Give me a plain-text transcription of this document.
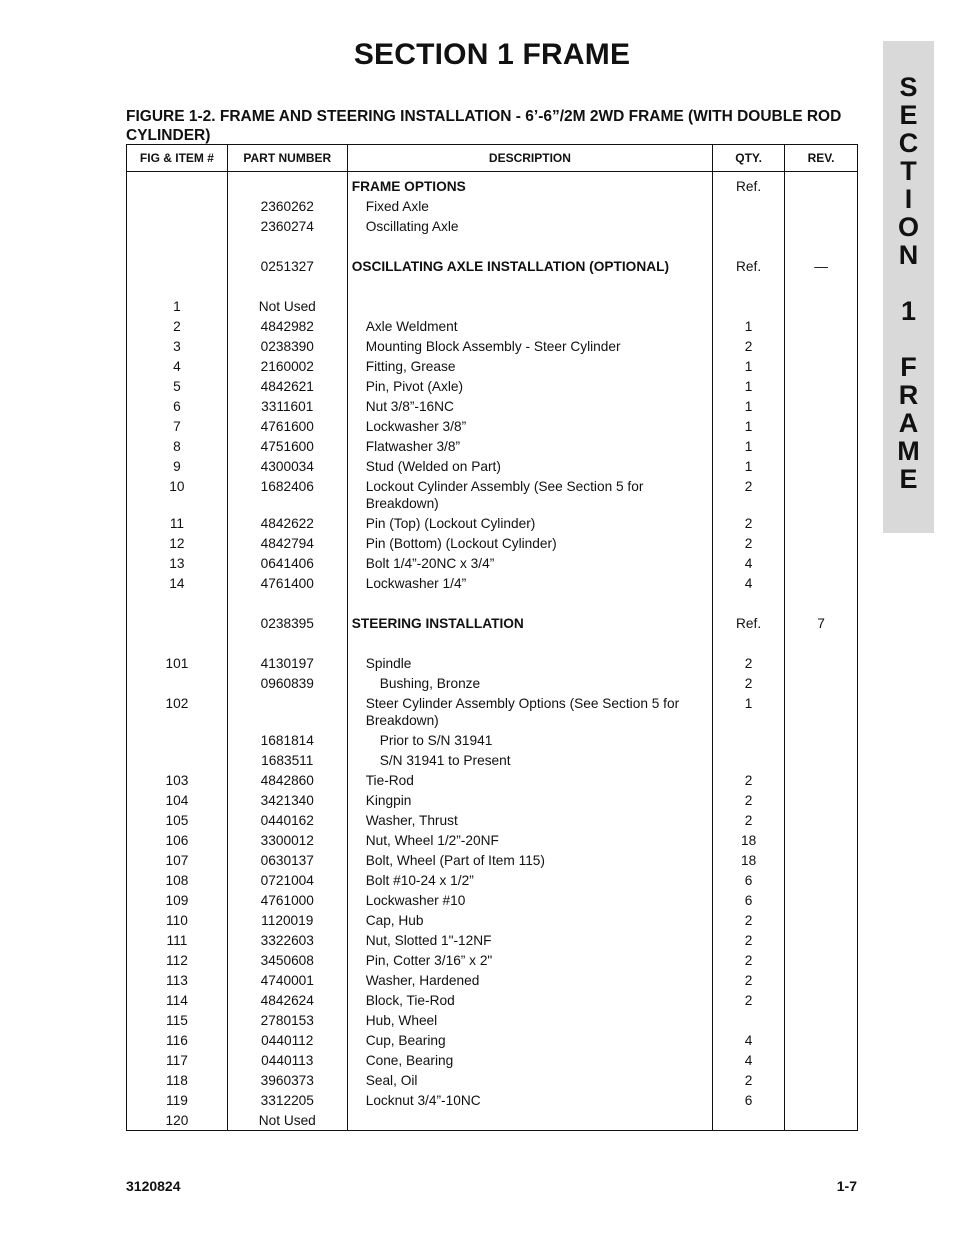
SECTION 1 FRAME
S
E
C
T
I
O
N
1
F
R
A
M
E
FIGURE 1-2. FRAME AND STEERING INSTALLATION - 6’-6”/2M 2WD FRAME (WITH DOUBLE ROD CYLINDER)
FIG & ITEM #	PART NUMBER	DESCRIPTION	QTY.	REV.

		FRAME OPTIONS	Ref.	

	2360262	Fixed Axle		

	2360274	Oscillating Axle		

	0251327	OSCILLATING AXLE INSTALLATION (OPTIONAL)	Ref.	—

1	Not Used			

2	4842982	Axle Weldment	1	

3	0238390	Mounting Block Assembly - Steer Cylinder	2	

4	2160002	Fitting, Grease	1	

5	4842621	Pin, Pivot (Axle)	1	

6	3311601	Nut 3/8”-16NC	1	

7	4761600	Lockwasher 3/8”	1	

8	4751600	Flatwasher 3/8”	1	

9	4300034	Stud (Welded on Part)	1	

10	1682406	Lockout Cylinder Assembly (See Section 5 for Breakdown)	2	

11	4842622	Pin (Top) (Lockout Cylinder)	2	

12	4842794	Pin (Bottom) (Lockout Cylinder)	2	

13	0641406	Bolt 1/4”-20NC x 3/4”	4	

14	4761400	Lockwasher 1/4”	4	

	0238395	STEERING INSTALLATION	Ref.	7

101	4130197	Spindle	2	

	0960839	Bushing, Bronze	2	

102		Steer Cylinder Assembly Options (See Section 5 for Breakdown)	1	

	1681814	Prior to S/N 31941		

	1683511	S/N 31941 to Present		

103	4842860	Tie-Rod	2	

104	3421340	Kingpin	2	

105	0440162	Washer, Thrust	2	

106	3300012	Nut, Wheel 1/2”-20NF	18	

107	0630137	Bolt, Wheel (Part of Item 115)	18	

108	0721004	Bolt #10-24 x 1/2”	6	

109	4761000	Lockwasher #10	6	

110	1120019	Cap, Hub	2	

111	3322603	Nut, Slotted 1"-12NF	2	

112	3450608	Pin, Cotter 3/16” x 2"	2	

113	4740001	Washer, Hardened	2	

114	4842624	Block, Tie-Rod	2	

115	2780153	Hub, Wheel		

116	0440112	Cup, Bearing	4	

117	0440113	Cone, Bearing	4	

118	3960373	Seal, Oil	2	

119	3312205	Locknut 3/4”-10NC	6	

120	Not Used			

3120824	1-7
